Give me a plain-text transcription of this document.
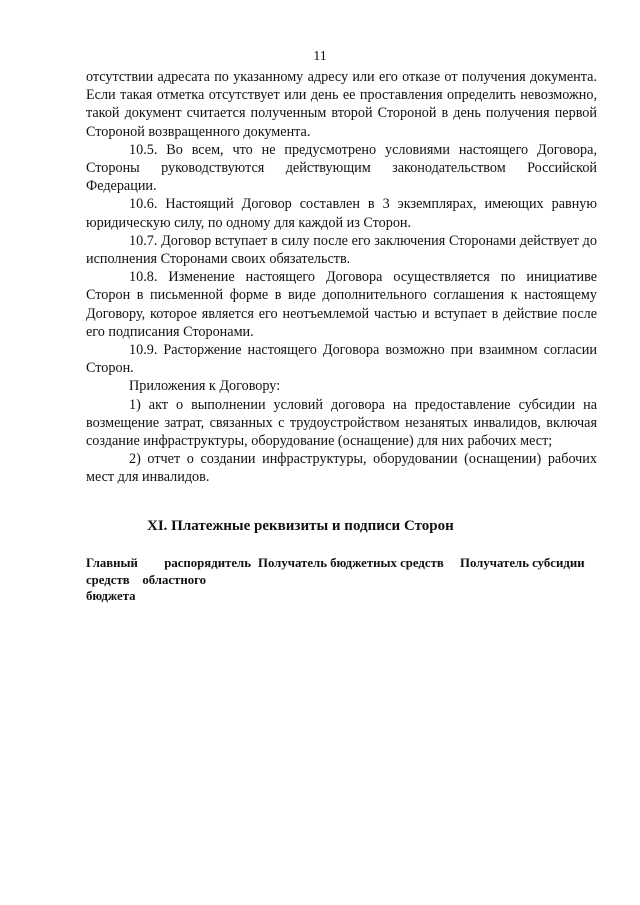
11

отсутствии адресата по указанному адресу или его отказе от получения документа. Если такая отметка отсутствует или день ее проставления определить невозможно, такой документ считается полученным второй Стороной в день получения первой Стороной возвращенного документа.

10.5. Во всем, что не предусмотрено условиями настоящего Договора, Стороны руководствуются действующим законодательством Российской Федерации.

10.6. Настоящий Договор составлен в 3 экземплярах, имеющих равную юридическую силу, по одному для каждой из Сторон.

10.7. Договор вступает в силу после его заключения Сторонами действует до исполнения Сторонами своих обязательств.

10.8. Изменение настоящего Договора осуществляется по инициативе Сторон в письменной форме в виде дополнительного соглашения к настоящему Договору, которое является его неотъемлемой частью и вступает в действие после его подписания Сторонами.

10.9. Расторжение настоящего Договора возможно при взаимном согласии Сторон.

Приложения к Договору:

1) акт о выполнении условий договора на предоставление субсидии на возмещение затрат, связанных с трудоустройством незанятых инвалидов, включая создание инфраструктуры, оборудование (оснащение) для них рабочих мест;

2) отчет о создании инфраструктуры, оборудовании (оснащении) рабочих мест для инвалидов.

XI. Платежные реквизиты и подписи Сторон
Главный распорядитель
средств областного
бюджета
Получатель бюджетных средств Получатель субсидии
